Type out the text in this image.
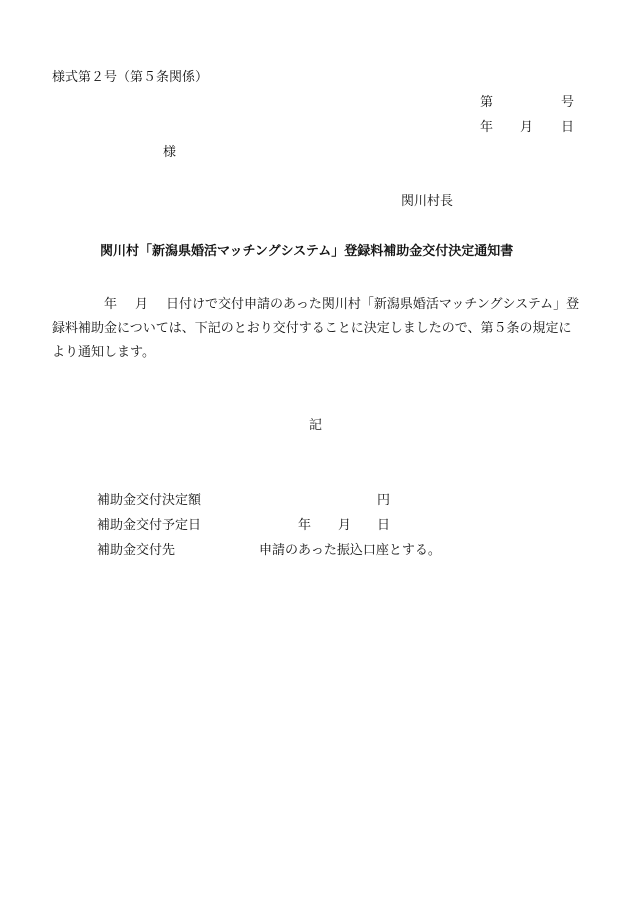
様式第２号（第５条関係）
第	号
年 月 日
様
関川村長
関川村「新潟県婚活マッチングシステム」登録料補助金交付決定通知書
年 月 日付けで交付申請のあった関川村「新潟県婚活マッチングシステム」登録料補助金については、下記のとおり交付することに決定しましたので、第５条の規定により通知します。
記
補助金交付決定額	円
補助金交付予定日	年 月 日
補助金交付先	申請のあった振込口座とする。
